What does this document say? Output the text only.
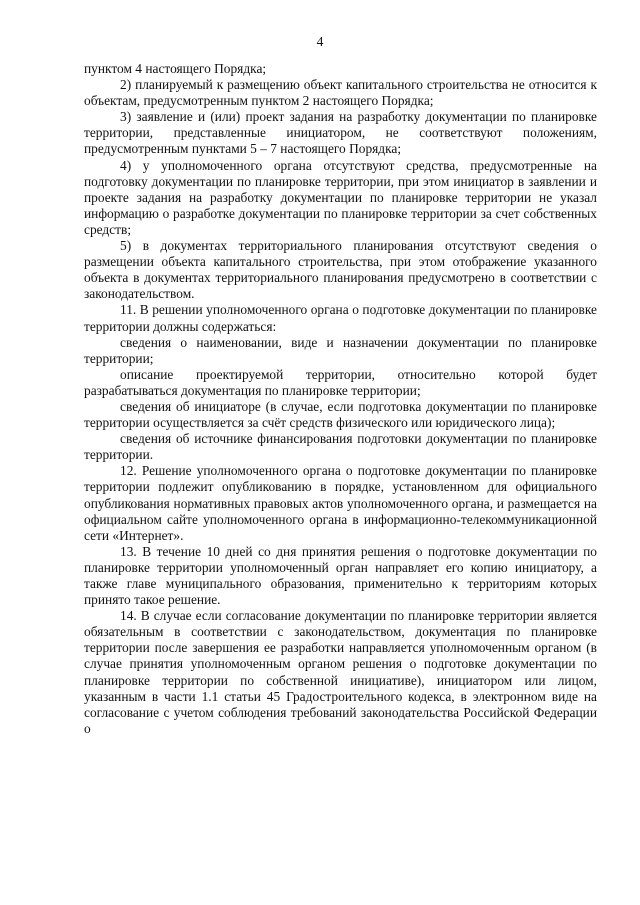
4

пунктом 4 настоящего Порядка;

2) планируемый к размещению объект капитального строительства не относится к объектам, предусмотренным пунктом 2 настоящего Порядка;

3) заявление и (или) проект задания на разработку документации по планировке территории, представленные инициатором, не соответствуют положениям, предусмотренным пунктами 5 – 7 настоящего Порядка;

4) у уполномоченного органа отсутствуют средства, предусмотренные на подготовку документации по планировке территории, при этом инициатор в заявлении и проекте задания на разработку документации по планировке территории не указал информацию о разработке документации по планировке территории за счет собственных средств;

5) в документах территориального планирования отсутствуют сведения о размещении объекта капитального строительства, при этом отображение указанного объекта в документах территориального планирования предусмотрено в соответствии с законодательством.

11. В решении уполномоченного органа о подготовке документации по планировке территории должны содержаться:

сведения о наименовании, виде и назначении документации по планировке территории;

описание проектируемой территории, относительно которой будет разрабатываться документация по планировке территории;

сведения об инициаторе (в случае, если подготовка документации по планировке территории осуществляется за счёт средств физического или юридического лица);

сведения об источнике финансирования подготовки документации по планировке территории.

12. Решение уполномоченного органа о подготовке документации по планировке территории подлежит опубликованию в порядке, установленном для официального опубликования нормативных правовых актов уполномоченного органа, и размещается на официальном сайте уполномоченного органа в информационно-телекоммуникационной сети «Интернет».

13. В течение 10 дней со дня принятия решения о подготовке документации по планировке территории уполномоченный орган направляет его копию инициатору, а также главе муниципального образования, применительно к территориям которых принято такое решение.

14. В случае если согласование документации по планировке территории является обязательным в соответствии с законодательством, документация по планировке территории после завершения ее разработки направляется уполномоченным органом (в случае принятия уполномоченным органом решения о подготовке документации по планировке территории по собственной инициативе), инициатором или лицом, указанным в части 1.1 статьи 45 Градостроительного кодекса, в электронном виде на согласование с учетом соблюдения требований законодательства Российской Федерации о
